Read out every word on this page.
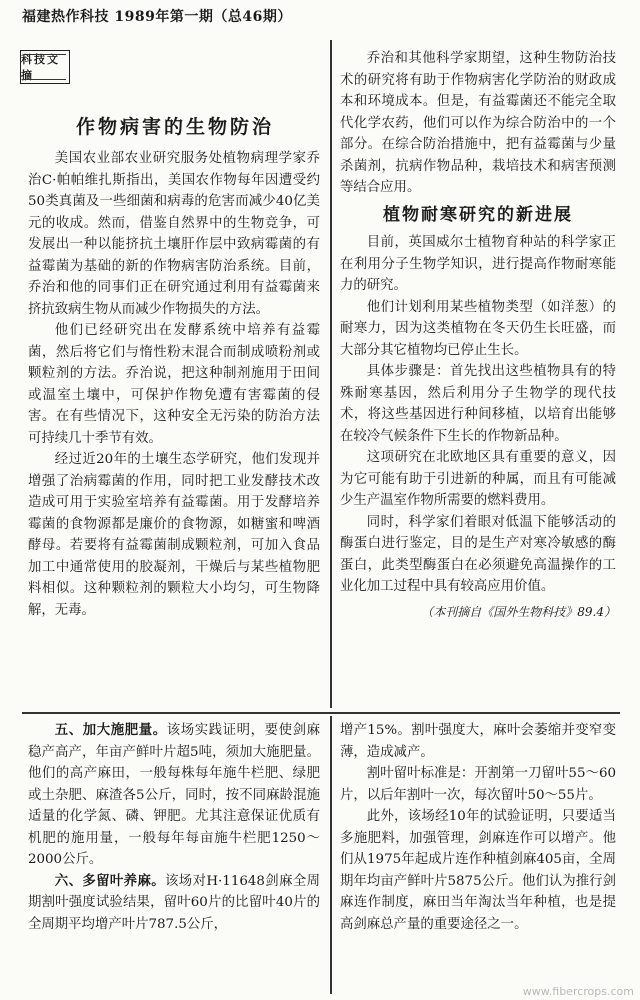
福建热作科技 1989年第一期（总46期）
科技文摘
作物病害的生物防治

美国农业部农业研究服务处植物病理学家乔治C·帕帕维扎斯指出，美国农作物每年因遭受约50类真菌及一些细菌和病毒的危害而减少40亿美元的收成。然而，借鉴自然界中的生物竞争，可发展出一种以能挤抗土壤肝作层中致病霉菌的有益霉菌为基础的新的作物病害防治系统。目前，乔治和他的同事们正在研究通过利用有益霉菌来挤抗致病生物从而减少作物损失的方法。

他们已经研究出在发酵系统中培养有益霉菌，然后将它们与惰性粉末混合而制成喷粉剂或颗粒剂的方法。乔治说，把这种制剂施用于田间或温室土壤中，可保护作物免遭有害霉菌的侵害。在有些情况下，这种安全无污染的防治方法可持续几十季节有效。

经过近20年的土壤生态学研究，他们发现并增强了治病霉菌的作用，同时把工业发酵技术改造成可用于实验室培养有益霉菌。用于发酵培养霉菌的食物源都是廉价的食物源，如糖蜜和啤酒酵母。若要将有益霉菌制成颗粒剂，可加入食品加工中通常使用的胶凝剂，干燥后与某些植物肥料相似。这种颗粒剂的颗粒大小均匀，可生物降解，无毒。

乔治和其他科学家期望，这种生物防治技术的研究将有助于作物病害化学防治的财政成本和环境成本。但是，有益霉菌还不能完全取代化学农药，他们可以作为综合防治中的一个部分。在综合防治措施中，把有益霉菌与少量杀菌剂，抗病作物品种，栽培技术和病害预测等结合应用。

植物耐寒研究的新进展

目前，英国威尔士植物育种站的科学家正在利用分子生物学知识，进行提高作物耐寒能力的研究。

他们计划利用某些植物类型（如洋葱）的耐寒力，因为这类植物在冬天仍生长旺盛，而大部分其它植物均已停止生长。

具体步骤是：首先找出这些植物具有的特殊耐寒基因，然后利用分子生物学的现代技术，将这些基因进行种间移植，以培育出能够在较冷气候条件下生长的作物新品种。

这项研究在北欧地区具有重要的意义，因为它可能有助于引进新的种属，而且有可能减少生产温室作物所需要的燃料费用。

同时，科学家们着眼对低温下能够活动的酶蛋白进行鉴定，目的是生产对寒冷敏感的酶蛋白，此类型酶蛋白在必须避免高温操作的工业化加工过程中具有较高应用价值。

（本刊摘自《国外生物科技》89.4）

五、加大施肥量。该场实践证明，要使剑麻稳产高产，年亩产鲜叶片超5吨，须加大施肥量。他们的高产麻田，一般每株每年施牛栏肥、绿肥或土杂肥、麻渣各5公斤，同时，按不同麻龄混施适量的化学氮、磷、钾肥。尤其注意保证优质有机肥的施用量，一般每年每亩施牛栏肥1250～2000公斤。

六、多留叶养麻。该场对H·11648剑麻全周期割叶强度试验结果，留叶60片的比留叶40片的全周期平均增产叶片787.5公斤，

增产15%。割叶强度大，麻叶会萎缩并变窄变薄，造成减产。

割叶留叶标准是：开割第一刀留叶55～60片，以后年割叶一次，每次留叶50～55片。

此外，该场经10年的试验证明，只要适当多施肥料，加强管理，剑麻连作可以增产。他们从1975年起成片连作种植剑麻405亩，全周期年均亩产鲜叶片5875公斤。他们认为推行剑麻连作制度，麻田当年淘汰当年种植，也是提高剑麻总产量的重要途径之一。

www.fibercrops.com
